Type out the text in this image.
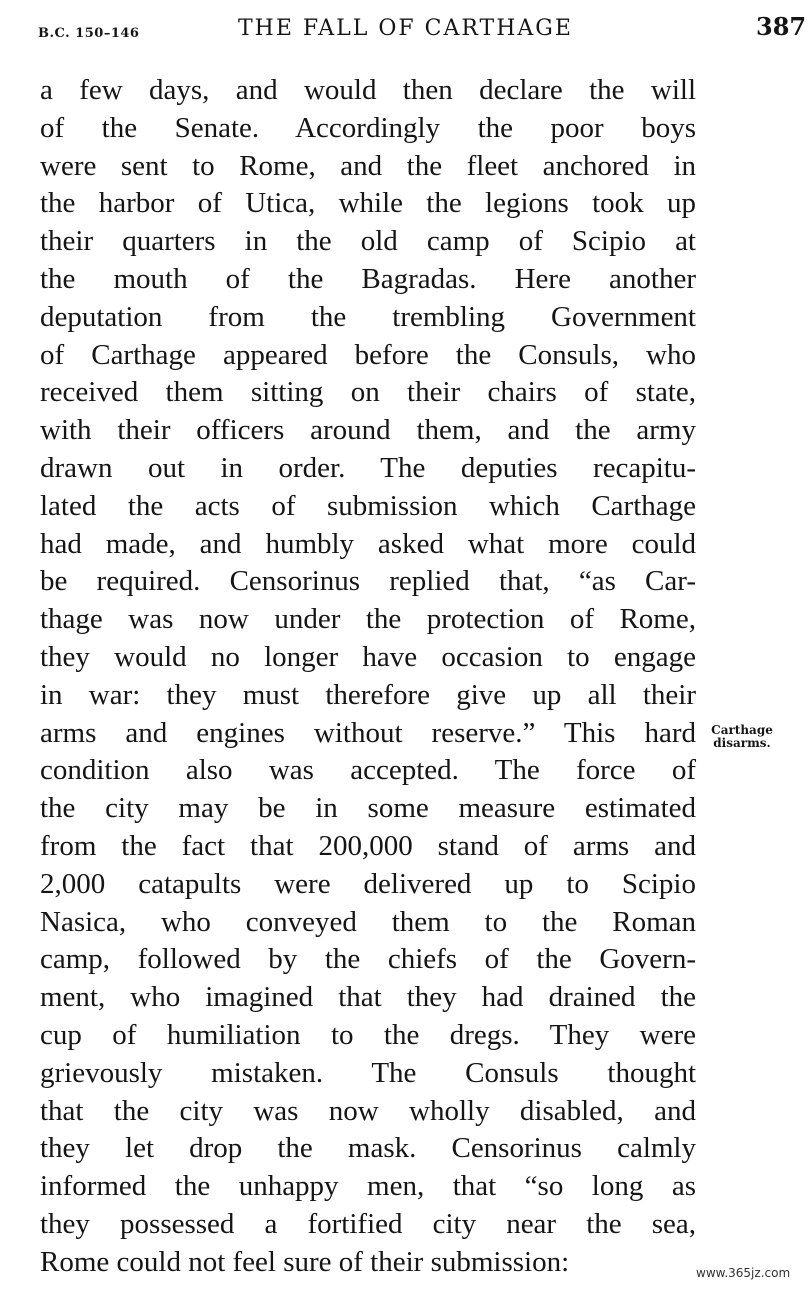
B.C. 150–146	THE FALL OF CARTHAGE	387
a few days, and would then declare the will
of the Senate. Accordingly the poor boys
were sent to Rome, and the fleet anchored in
the harbor of Utica, while the legions took up
their quarters in the old camp of Scipio at
the mouth of the Bagradas. Here another
deputation from the trembling Government
of Carthage appeared before the Consuls, who
received them sitting on their chairs of state,
with their officers around them, and the army
drawn out in order. The deputies recapitu-
lated the acts of submission which Carthage
had made, and humbly asked what more could
be required. Censorinus replied that, “as Car-
thage was now under the protection of Rome,
they would no longer have occasion to engage
in war: they must therefore give up all their
arms and engines without reserve.” This hard
condition also was accepted. The force of
the city may be in some measure estimated
from the fact that 200,000 stand of arms and
2,000 catapults were delivered up to Scipio
Nasica, who conveyed them to the Roman
camp, followed by the chiefs of the Govern-
ment, who imagined that they had drained the
cup of humiliation to the dregs. They were
grievously mistaken. The Consuls thought
that the city was now wholly disabled, and
they let drop the mask. Censorinus calmly
informed the unhappy men, that “so long as
they possessed a fortified city near the sea,
Rome could not feel sure of their submission:
Carthage
disarms.
www.365jz.com
